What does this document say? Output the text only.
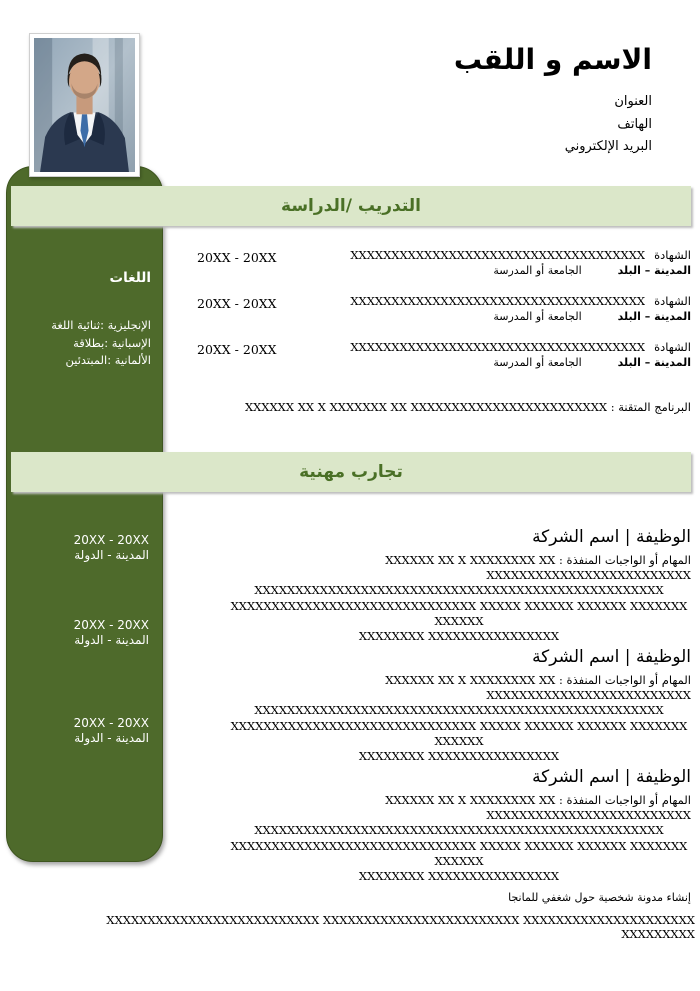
الاسم و اللقب
العنوان
الهاتف
البريد الإلكتروني
اللغات
الإنجليزية :ثنائية اللغة
الإسبانية :بطلاقة
الألمانية :المبتدئين
20XX - 20XX
المدينة - الدولة
20XX - 20XX
المدينة - الدولة
20XX - 20XX
المدينة - الدولة
التدريب /الدراسة
تجارب مهنية
الشهادةXXXXXXXXXXXXXXXXXXXXXXXXXXXXXXXXXXXX
المدينة – البلد
الجامعة أو المدرسة
الشهادةXXXXXXXXXXXXXXXXXXXXXXXXXXXXXXXXXXXX
المدينة – البلد
الجامعة أو المدرسة
الشهادةXXXXXXXXXXXXXXXXXXXXXXXXXXXXXXXXXXXX
المدينة – البلد
الجامعة أو المدرسة
20XX - 20XX
20XX - 20XX
20XX - 20XX
البرنامج المتقنة : XXXXXX XX X XXXXXXX XX XXXXXXXXXXXXXXXXXXXXXXXX
الوظيفة | اسم الشركة
المهام أو الواجبات المنفذة : XXXXXX XX X XXXXXXXX XX XXXXXXXXXXXXXXXXXXXXXXXXX
XXXXXXXXXXXXXXXXXXXXXXXXXXXXXXXXXXXXXXXXXXXXXXXXXX
XXXXXXXXXXXXXXXXXXXXXXXXXXXXXX XXXXX XXXXXX XXXXXX XXXXXXX XXXXXX
XXXXXXXX XXXXXXXXXXXXXXXX
الوظيفة | اسم الشركة
المهام أو الواجبات المنفذة : XXXXXX XX X XXXXXXXX XX XXXXXXXXXXXXXXXXXXXXXXXXX
XXXXXXXXXXXXXXXXXXXXXXXXXXXXXXXXXXXXXXXXXXXXXXXXXX
XXXXXXXXXXXXXXXXXXXXXXXXXXXXXX XXXXX XXXXXX XXXXXX XXXXXXX XXXXXX
XXXXXXXX XXXXXXXXXXXXXXXX
الوظيفة | اسم الشركة
المهام أو الواجبات المنفذة : XXXXXX XX X XXXXXXXX XX XXXXXXXXXXXXXXXXXXXXXXXXX
XXXXXXXXXXXXXXXXXXXXXXXXXXXXXXXXXXXXXXXXXXXXXXXXXX
XXXXXXXXXXXXXXXXXXXXXXXXXXXXXX XXXXX XXXXXX XXXXXX XXXXXXX XXXXXX
XXXXXXXX XXXXXXXXXXXXXXXX
إنشاء مدونة شخصية حول شغفي للمانجا
XXXXXXXXXXXXXXXXXXXXXXXXXX XXXXXXXXXXXXXXXXXXXXXXXX XXXXXXXXXXXXXXXXXXXXX XXXXXXXXX
